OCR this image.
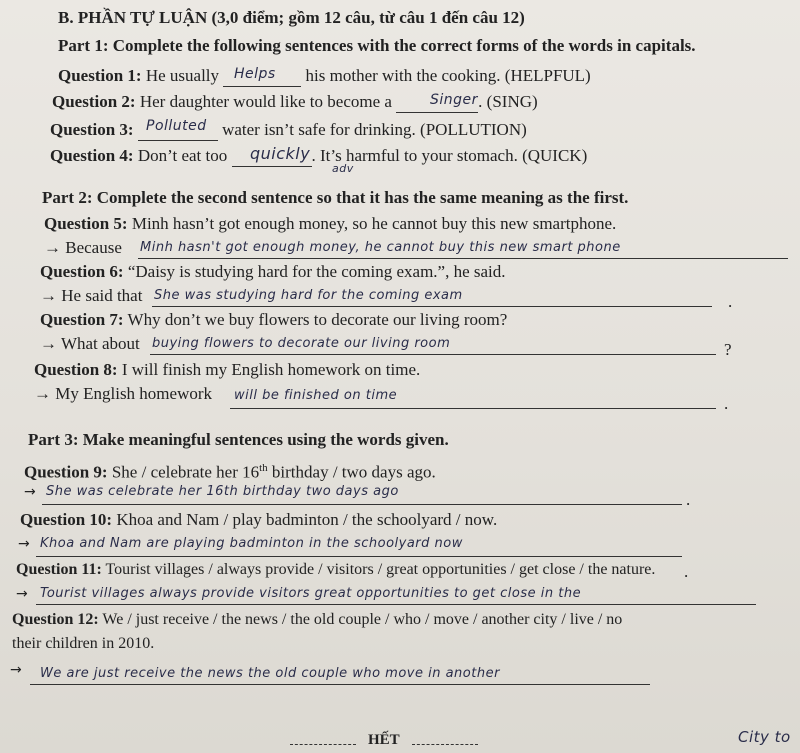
B. PHẦN TỰ LUẬN (3,0 điểm; gồm 12 câu, từ câu 1 đến câu 12)
Part 1: Complete the following sentences with the correct forms of the words in capitals.
Question 1: He usually	his mother with the cooking. (HELPFUL)
Helps
Question 2: Her daughter would like to become a	. (SING)
Singer
Question 3:	water isn’t safe for drinking. (POLLUTION)
Polluted
Question 4: Don’t eat too	. It’s harmful to your stomach. (QUICK)
quickly
adv
Part 2: Complete the second sentence so that it has the same meaning as the first.
Question 5: Minh hasn’t got enough money, so he cannot buy this new smartphone.
→ Because Minh hasn't got enough money, he cannot buy this new smart phone
Question 6: “Daisy is studying hard for the coming exam.”, he said.
→ He said that	.
She was studying hard for the coming exam
Question 7: Why don’t we buy flowers to decorate our living room?
→ What about	?
buying flowers to decorate our living room
Question 8: I will finish my English homework on time.
→ My English homework
.
will be finished on time
Part 3: Make meaningful sentences using the words given.
Question 9: She / celebrate her 16th birthday / two days ago.
→	.
She was celebrate her 16th birthday two days ago
Question 10: Khoa and Nam / play badminton / the schoolyard / now.
→
.
Khoa and Nam are playing badminton in the schoolyard now
Question 11: Tourist villages / always provide / visitors / great opportunities / get close / the nature.
→ Tourist villages always provide visitors great opportunities to get close in the
Question 12: We / just receive / the news / the old couple / who / move / another city / live / no
their children in 2010.
→ We are just receive the news the old couple who move in another
HẾT	City to
